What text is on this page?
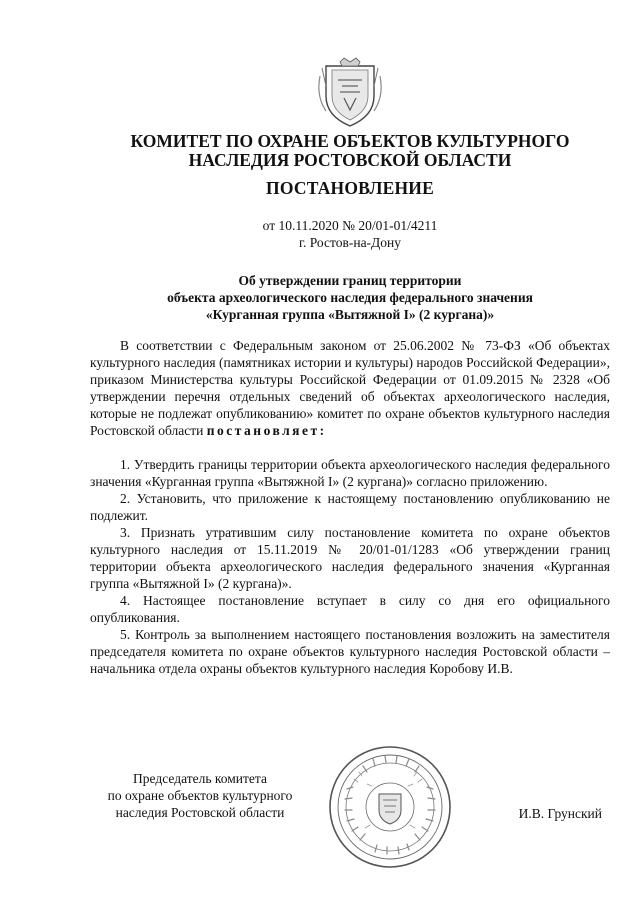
КОМИТЕТ ПО ОХРАНЕ ОБЪЕКТОВ КУЛЬТУРНОГО
НАСЛЕДИЯ РОСТОВСКОЙ ОБЛАСТИ
ПОСТАНОВЛЕНИЕ
от 10.11.2020 № 20/01-01/4211
г. Ростов-на-Дону
Об утверждении границ территории
объекта археологического наследия федерального значения
«Курганная группа «Вытяжной I» (2 кургана)»

В соответствии с Федеральным законом от 25.06.2002 № 73-ФЗ «Об объектах культурного наследия (памятниках истории и культуры) народов Российской Федерации», приказом Министерства культуры Российской Федерации от 01.09.2015 № 2328 «Об утверждении перечня отдельных сведений об объектах археологического наследия, которые не подлежат опубликованию» комитет по охране объектов культурного наследия Ростовской области постановляет:

1. Утвердить границы территории объекта археологического наследия федерального значения «Курганная группа «Вытяжной I» (2 кургана)» согласно приложению.

2. Установить, что приложение к настоящему постановлению опубликованию не подлежит.

3. Признать утратившим силу постановление комитета по охране объектов культурного наследия от 15.11.2019 № 20/01-01/1283 «Об утверждении границ территории объекта археологического наследия федерального значения «Курганная группа «Вытяжной I» (2 кургана)».

4. Настоящее постановление вступает в силу со дня его официального опубликования.

5. Контроль за выполнением настоящего постановления возложить на заместителя председателя комитета по охране объектов культурного наследия Ростовской области – начальника отдела охраны объектов культурного наследия Коробову И.В.

Председатель комитета
по охране объектов культурного
наследия Ростовской области	И.В. Грунский
